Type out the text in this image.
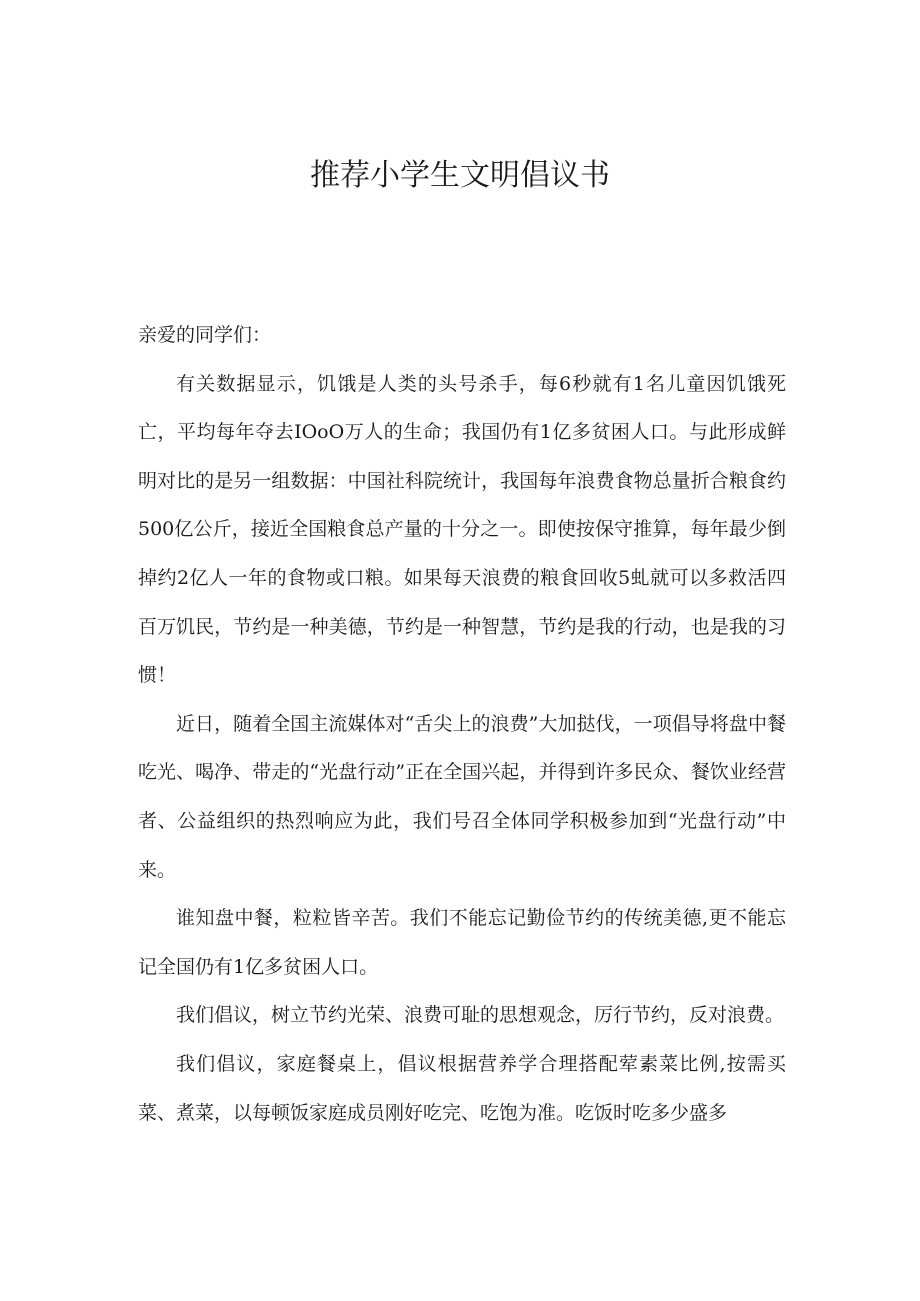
推荐小学生文明倡议书

亲爱的同学们：

有关数据显示，饥饿是人类的头号杀手，每6秒就有1名儿童因饥饿死亡，平均每年夺去IOoO万人的生命；我国仍有1亿多贫困人口。与此形成鲜明对比的是另一组数据：中国社科院统计，我国每年浪费食物总量折合粮食约500亿公斤，接近全国粮食总产量的十分之一。即使按保守推算，每年最少倒掉约2亿人一年的食物或口粮。如果每天浪费的粮食回收5虬就可以多救活四百万饥民，节约是一种美德，节约是一种智慧，节约是我的行动，也是我的习惯！

近日，随着全国主流媒体对“舌尖上的浪费”大加挞伐，一项倡导将盘中餐吃光、喝净、带走的“光盘行动”正在全国兴起，并得到许多民众、餐饮业经营者、公益组织的热烈响应为此，我们号召全体同学积极参加到“光盘行动”中来。

谁知盘中餐，粒粒皆辛苦。我们不能忘记勤俭节约的传统美德,更不能忘记全国仍有1亿多贫困人口。

我们倡议，树立节约光荣、浪费可耻的思想观念，厉行节约，反对浪费。

我们倡议，家庭餐桌上，倡议根据营养学合理搭配荤素菜比例,按需买菜、煮菜，以每顿饭家庭成员刚好吃完、吃饱为准。吃饭时吃多少盛多
